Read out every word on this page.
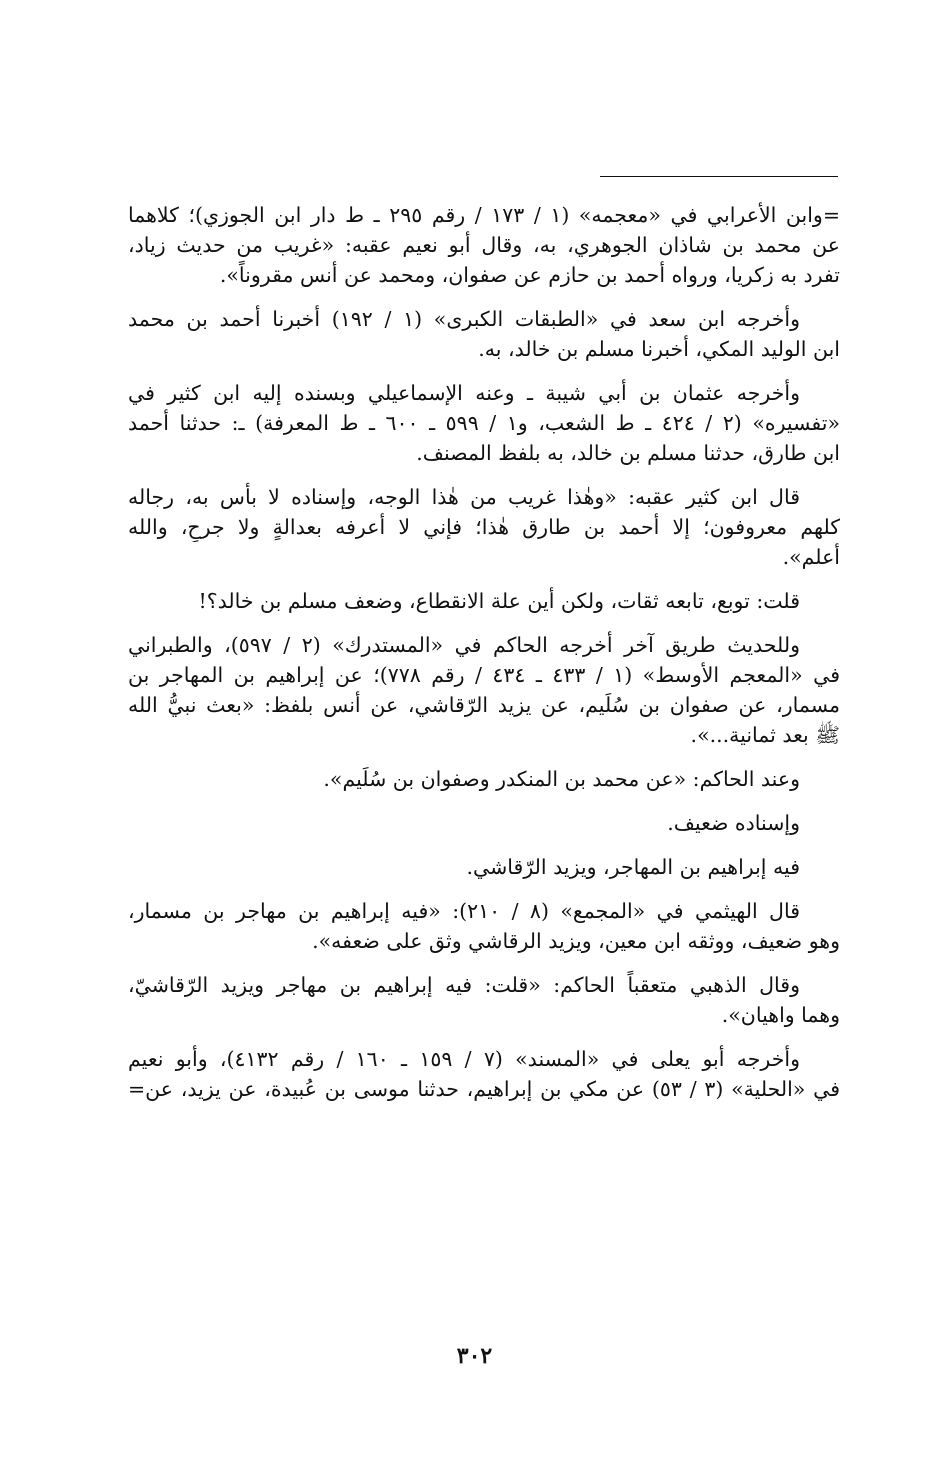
=وابن الأعرابي في «معجمه» (١ / ١٧٣ / رقم ٢٩٥ ـ ط دار ابن الجوزي)؛ كلاهما
عن محمد بن شاذان الجوهري، به، وقال أبو نعيم عقبه: «غريب من حديث زياد،
تفرد به زكريا، ورواه أحمد بن حازم عن صفوان، ومحمد عن أنس مقروناً».
وأخرجه ابن سعد في «الطبقات الكبرى» (١ / ١٩٢) أخبرنا أحمد بن محمد
ابن الوليد المكي، أخبرنا مسلم بن خالد، به.
وأخرجه عثمان بن أبي شيبة ـ وعنه الإسماعيلي وبسنده إليه ابن كثير في
«تفسيره» (٢ / ٤٢٤ ـ ط الشعب، و١ / ٥٩٩ ـ ٦٠٠ ـ ط المعرفة) ـ: حدثنا أحمد
ابن طارق، حدثنا مسلم بن خالد، به بلفظ المصنف.
قال ابن كثير عقبه: «وهٰذا غريب من هٰذا الوجه، وإسناده لا بأس به، رجاله
كلهم معروفون؛ إلا أحمد بن طارق هٰذا؛ فإني لا أعرفه بعدالةٍ ولا جرحٍ، والله
أعلم».
قلت: توبع، تابعه ثقات، ولكن أين علة الانقطاع، وضعف مسلم بن خالد؟!
وللحديث طريق آخر أخرجه الحاكم في «المستدرك» (٢ / ٥٩٧)، والطبراني
في «المعجم الأوسط» (١ / ٤٣٣ ـ ٤٣٤ / رقم ٧٧٨)؛ عن إبراهيم بن المهاجر بن
مسمار، عن صفوان بن سُلَيم، عن يزيد الرّقاشي، عن أنس بلفظ: «بعث نبيُّ الله
ﷺ بعد ثمانية...».
وعند الحاكم: «عن محمد بن المنكدر وصفوان بن سُلَيم».
وإسناده ضعيف.
فيه إبراهيم بن المهاجر، ويزيد الرّقاشي.
قال الهيثمي في «المجمع» (٨ / ٢١٠): «فيه إبراهيم بن مهاجر بن مسمار،
وهو ضعيف، ووثقه ابن معين، ويزيد الرقاشي وثق على ضعفه».
وقال الذهبي متعقباً الحاكم: «قلت: فيه إبراهيم بن مهاجر ويزيد الرّقاشيّ،
وهما واهيان».
وأخرجه أبو يعلى في «المسند» (٧ / ١٥٩ ـ ١٦٠ / رقم ٤١٣٢)، وأبو نعيم
في «الحلية» (٣ / ٥٣) عن مكي بن إبراهيم، حدثنا موسى بن عُبيدة، عن يزيد، عن=
٣٠٢
